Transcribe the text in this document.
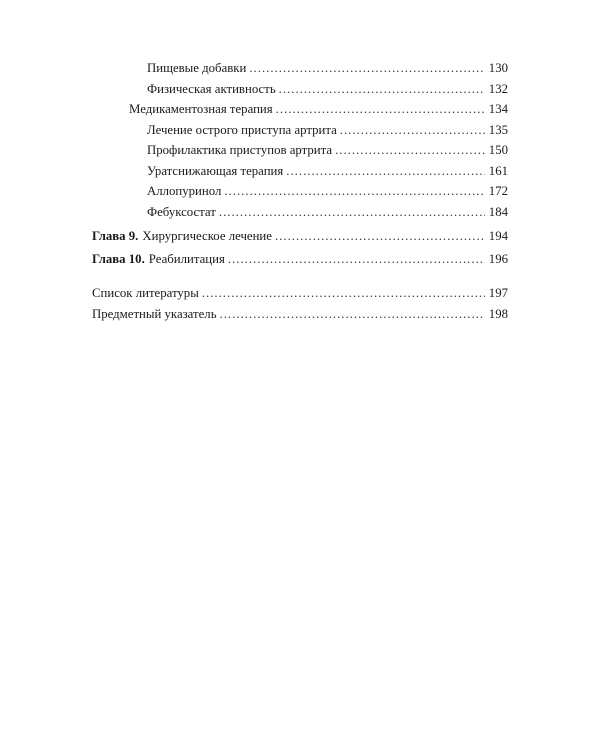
Пищевые добавки . . .	130
Физическая активность . . .	132
Медикаментозная терапия . . .	134
Лечение острого приступа артрита . . .	135
Профилактика приступов артрита . . .	150
Уратснижающая терапия . . .	161
Аллопуринол . . .	172
Фебуксостат . . .	184
Глава 9. Хирургическое лечение . . .	194
Глава 10. Реабилитация . . .	196
Список литературы . . .	197
Предметный указатель . . .	198
